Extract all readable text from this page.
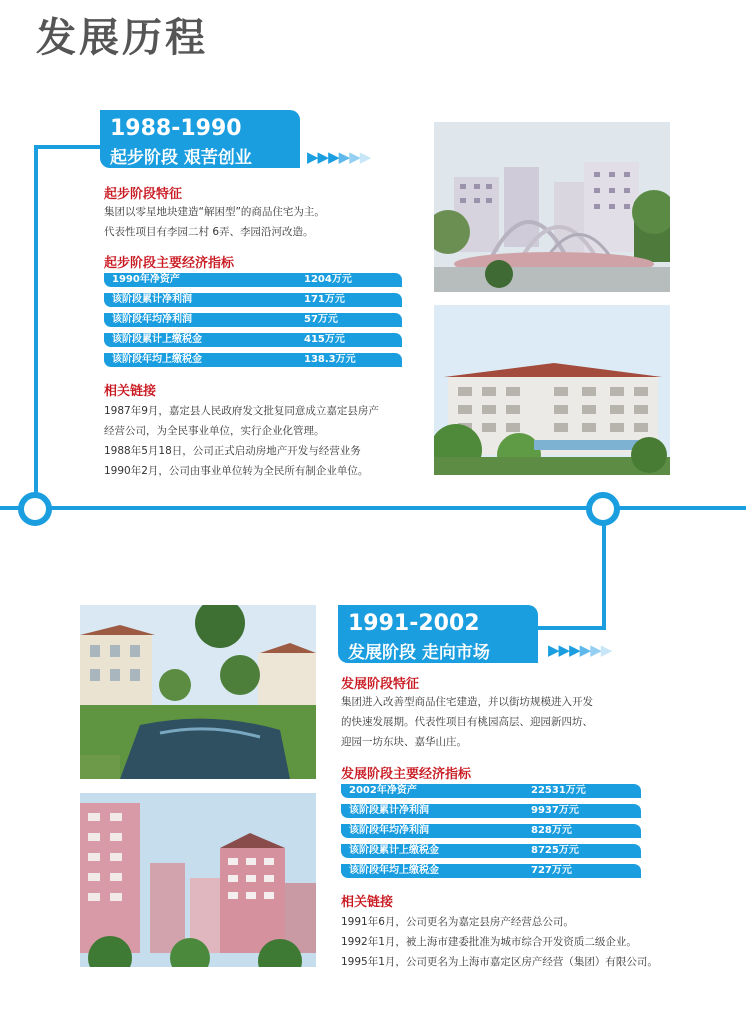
发展历程
1988-1990
起步阶段 艰苦创业	▶▶▶▶▶▶
起步阶段特征

集团以零星地块建造“解困型”的商品住宅为主。

代表性项目有李园二村 6弄、李园沿河改造。

起步阶段主要经济指标
1990年净资产	1204万元
该阶段累计净利润	171万元
该阶段年均净利润	57万元
该阶段累计上缴税金	415万元
该阶段年均上缴税金	138.3万元
相关链接

1987年9月，嘉定县人民政府发文批复同意成立嘉定县房产

经营公司，为全民事业单位，实行企业化管理。

1988年5月18日，公司正式启动房地产开发与经营业务

1990年2月，公司由事业单位转为全民所有制企业单位。

1991-2002
发展阶段 走向市场	▶▶▶▶▶▶
发展阶段特征

集团进入改善型商品住宅建造，并以街坊规模进入开发

的快速发展期。代表性项目有桃园高层、迎园新四坊、

迎园一坊东块、嘉华山庄。

发展阶段主要经济指标
2002年净资产	22531万元
该阶段累计净利润	9937万元
该阶段年均净利润	828万元
该阶段累计上缴税金	8725万元
该阶段年均上缴税金	727万元
相关链接

1991年6月，公司更名为嘉定县房产经营总公司。

1992年1月，被上海市建委批准为城市综合开发资质二级企业。

1995年1月，公司更名为上海市嘉定区房产经营（集团）有限公司。
